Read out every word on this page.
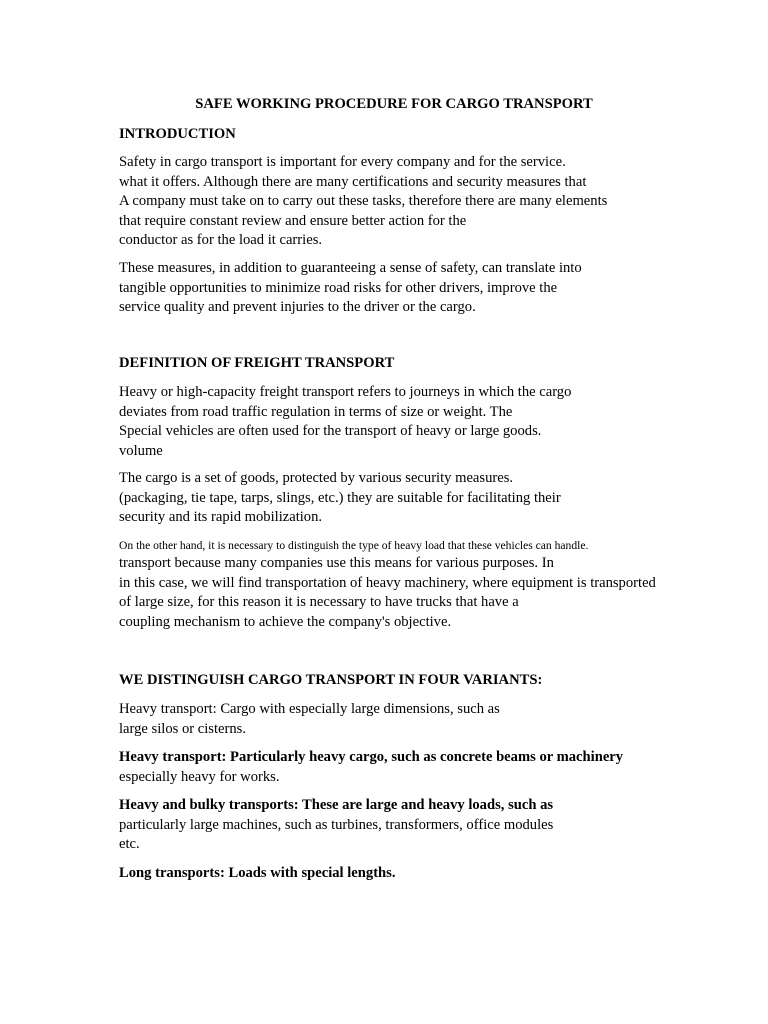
SAFE WORKING PROCEDURE FOR CARGO TRANSPORT
INTRODUCTION

Safety in cargo transport is important for every company and for the service.
what it offers. Although there are many certifications and security measures that
A company must take on to carry out these tasks, therefore there are many elements
that require constant review and ensure better action for the
conductor as for the load it carries.

These measures, in addition to guaranteeing a sense of safety, can translate into
tangible opportunities to minimize road risks for other drivers, improve the
service quality and prevent injuries to the driver or the cargo.

DEFINITION OF FREIGHT TRANSPORT

Heavy or high-capacity freight transport refers to journeys in which the cargo
deviates from road traffic regulation in terms of size or weight. The
Special vehicles are often used for the transport of heavy or large goods.
volume

The cargo is a set of goods, protected by various security measures.
(packaging, tie tape, tarps, slings, etc.) they are suitable for facilitating their
security and its rapid mobilization.

On the other hand, it is necessary to distinguish the type of heavy load that these vehicles can handle.
transport because many companies use this means for various purposes. In
in this case, we will find transportation of heavy machinery, where equipment is transported
of large size, for this reason it is necessary to have trucks that have a
coupling mechanism to achieve the company's objective.

WE DISTINGUISH CARGO TRANSPORT IN FOUR VARIANTS:

Heavy transport: Cargo with especially large dimensions, such as
large silos or cisterns.

Heavy transport: Particularly heavy cargo, such as concrete beams or machinery
especially heavy for works.

Heavy and bulky transports: These are large and heavy loads, such as
particularly large machines, such as turbines, transformers, office modules
etc.

Long transports: Loads with special lengths.
